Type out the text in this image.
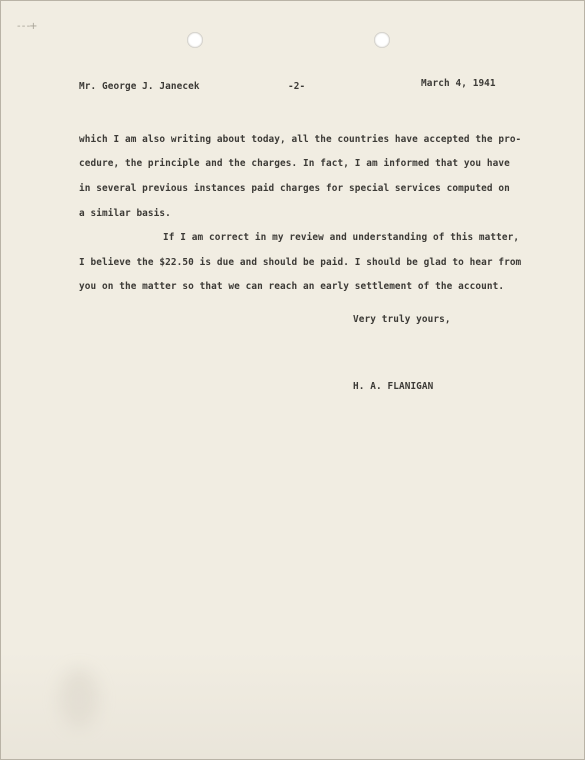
- - -+
Mr. George J. Janecek	-2-	March 4, 1941
which I am also writing about today, all the countries have accepted the pro-
cedure, the principle and the charges. In fact, I am informed that you have
in several previous instances paid charges for special services computed on
a similar basis.
If I am correct in my review and understanding of this matter,
I believe the $22.50 is due and should be paid. I should be glad to hear from
you on the matter so that we can reach an early settlement of the account.
Very truly yours,
H. A. FLANIGAN
